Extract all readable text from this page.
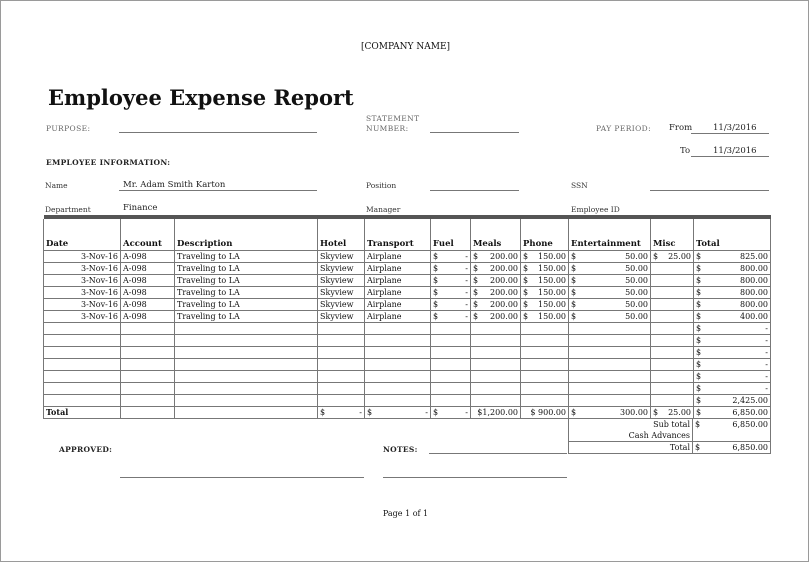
[COMPANY NAME]
Employee Expense Report
PURPOSE:
STATEMENT
NUMBER:	PAY PERIOD: From 11/3/2016
To	11/3/2016
EMPLOYEE INFORMATION:
Name	Mr. Adam Smith Karton	Position	SSN
Department	Finance	Manager	Employee ID

Date	Account	Description	Hotel	Transport	Fuel	Meals	Phone	Entertainment	Misc	Total
3-Nov-16	A-098	Traveling to LA	Skyview	Airplane	$ -	$ 200.00	$ 150.00	$ 50.00	$ 25.00	$ 825.00

3-Nov-16	A-098	Traveling to LA	Skyview	Airplane	$ -	$ 200.00	$ 150.00	$ 50.00		$ 800.00

3-Nov-16	A-098	Traveling to LA	Skyview	Airplane	$ -	$ 200.00	$ 150.00	$ 50.00		$ 800.00

3-Nov-16	A-098	Traveling to LA	Skyview	Airplane	$ -	$ 200.00	$ 150.00	$ 50.00		$ 800.00

3-Nov-16	A-098	Traveling to LA	Skyview	Airplane	$ -	$ 200.00	$ 150.00	$ 50.00		$ 800.00

3-Nov-16	A-098	Traveling to LA	Skyview	Airplane	$ -	$ 200.00	$ 150.00	$ 50.00		$ 400.00

										$ -

										$ -

										$ -

										$ -

										$ -

										$ -

										$ 2,425.00

Total			$ -	$ -	$ -	$1,200.00	$ 900.00	$ 300.00	$ 25.00	$ 6,850.00
Sub total	$ 6,850.00

Cash Advances	
Total	$ 6,850.00
APPROVED:	NOTES:
Page 1 of 1
